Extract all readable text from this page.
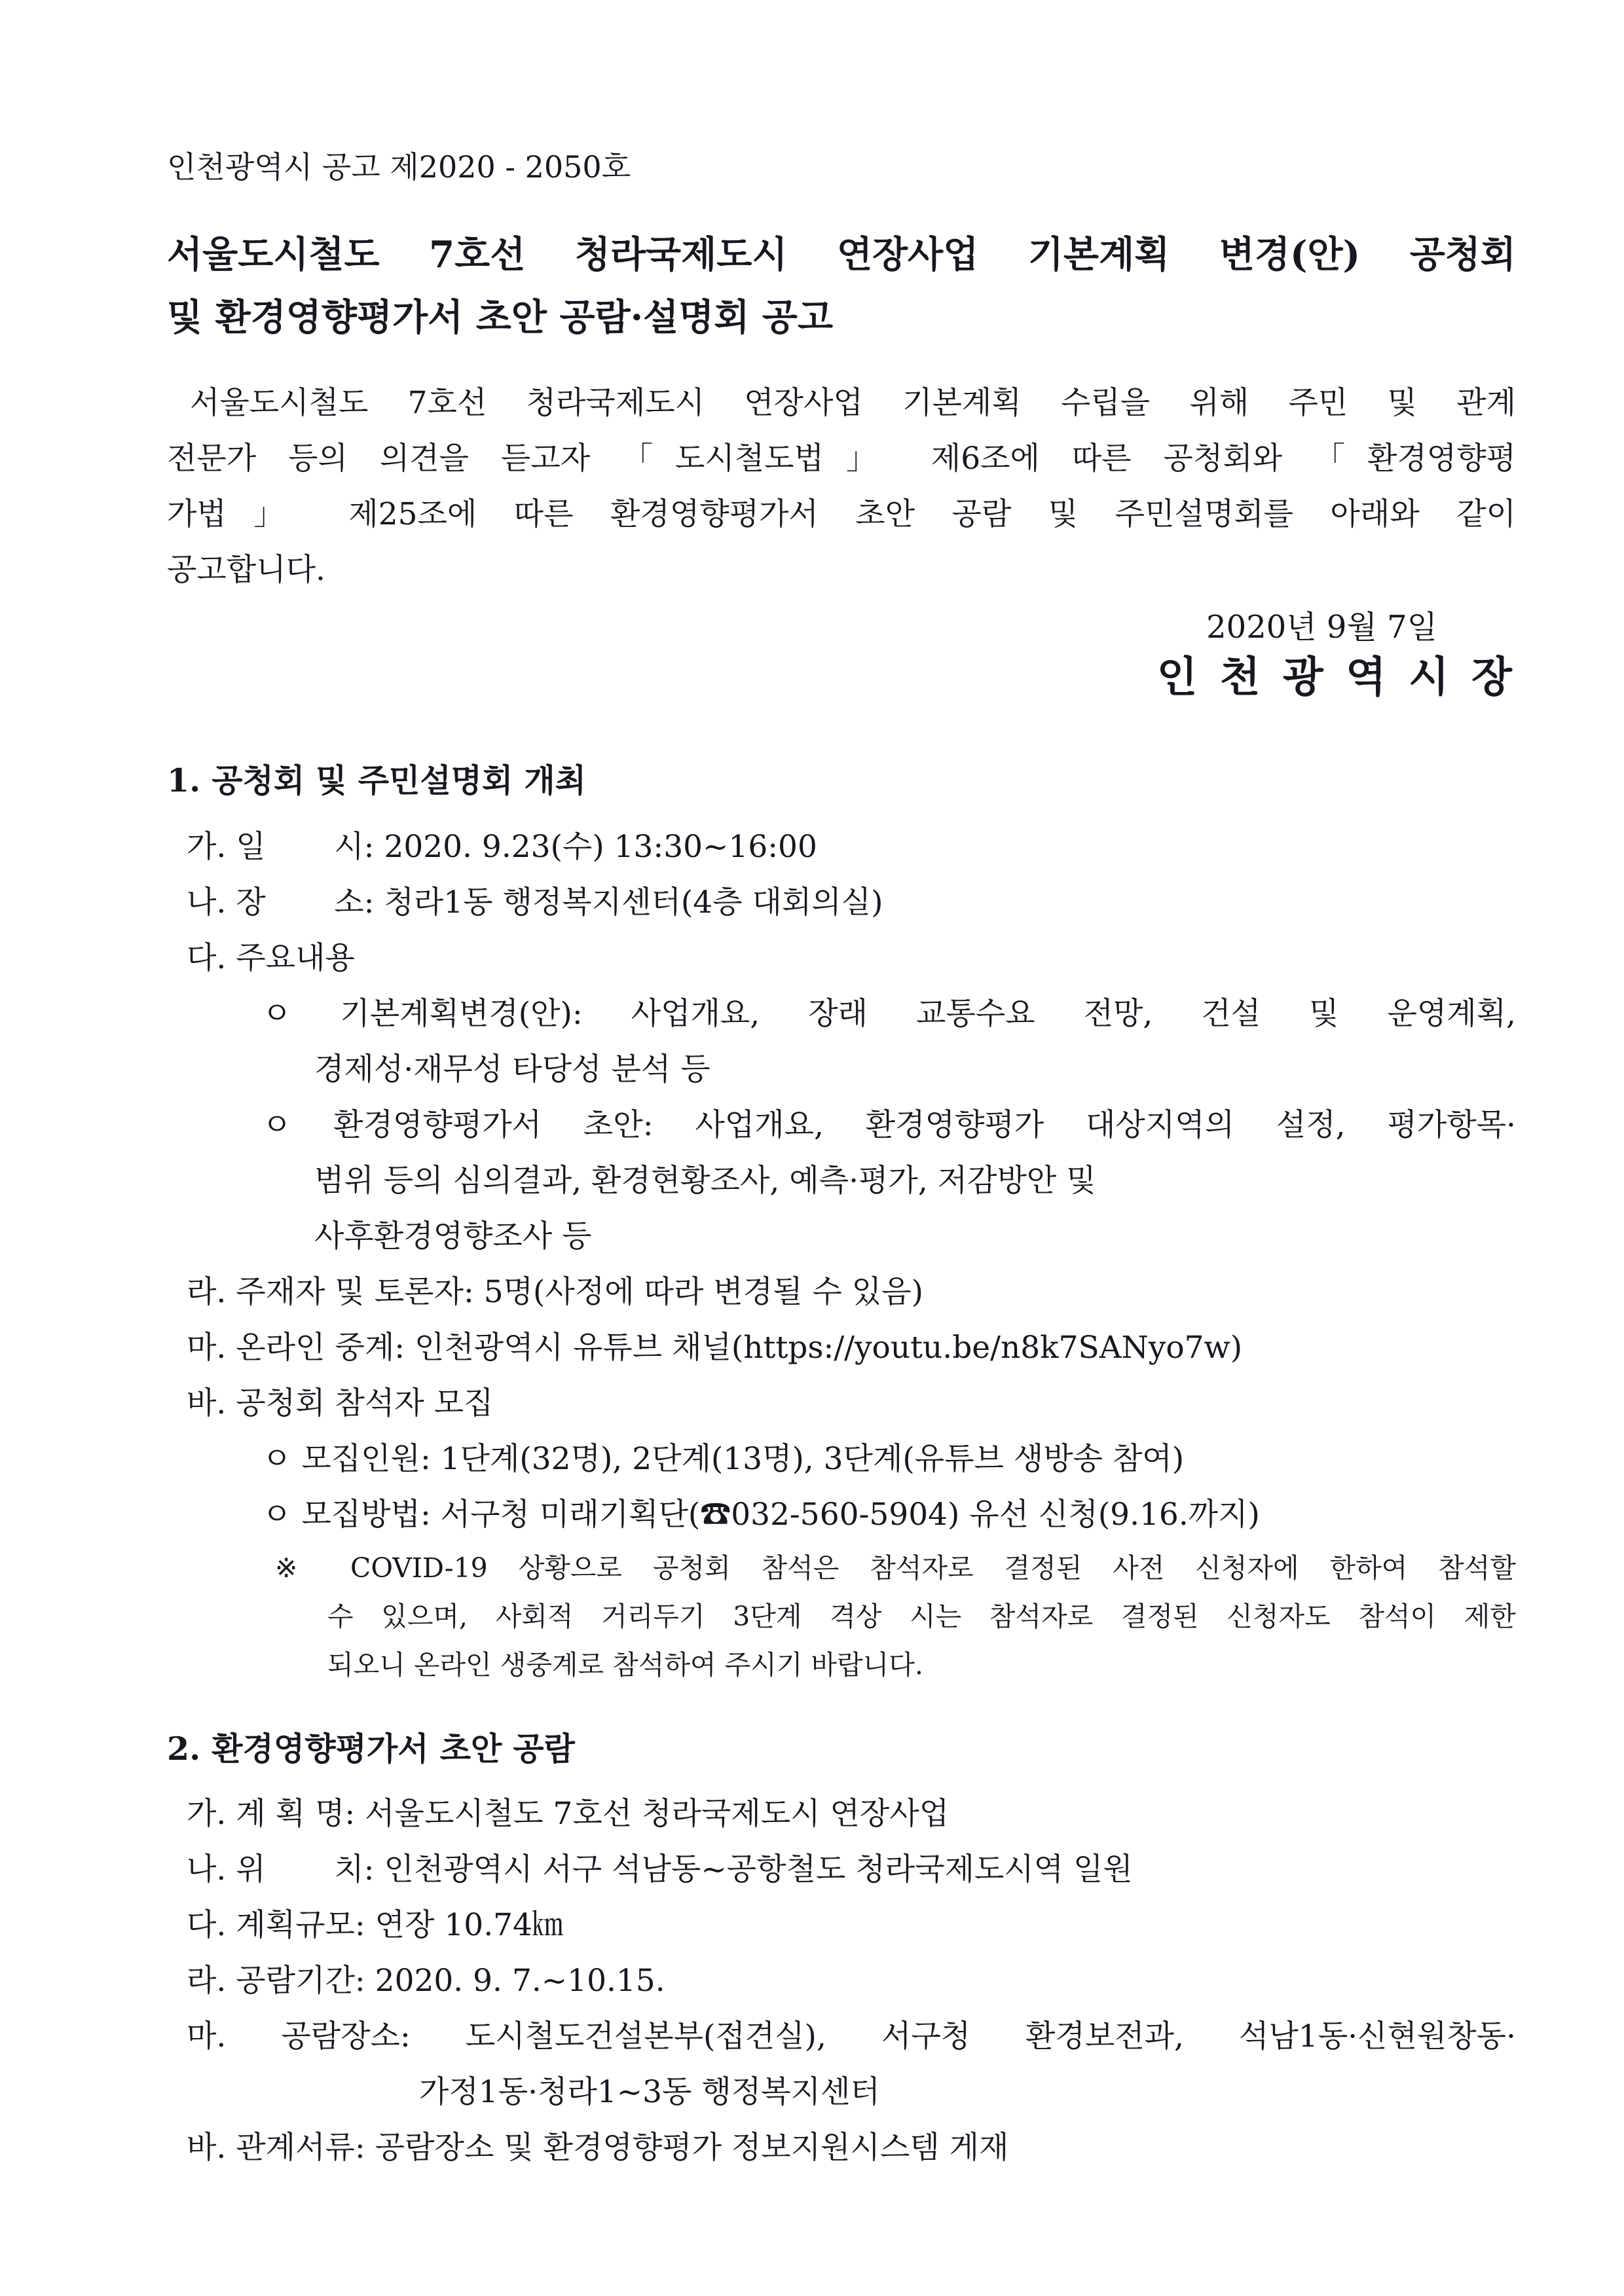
인천광역시 공고 제2020 - 2050호
서울도시철도 7호선 청라국제도시 연장사업 기본계획 변경(안) 공청회
및 환경영향평가서 초안 공람·설명회 공고
서울도시철도 7호선 청라국제도시 연장사업 기본계획 수립을 위해 주민 및 관계
전문가 등의 의견을 듣고자 「도시철도법」 제6조에 따른 공청회와 「환경영향평
가법」 제25조에 따른 환경영향평가서 초안 공람 및 주민설명회를 아래와 같이
공고합니다.
2020년 9월 7일
인 천 광 역 시 장
1. 공청회 및 주민설명회 개최
가. 일       시: 2020. 9.23(수) 13:30~16:00
나. 장       소: 청라1동 행정복지센터(4층 대회의실)
다. 주요내용
ㅇ 기본계획변경(안): 사업개요, 장래 교통수요 전망, 건설 및 운영계획,
경제성·재무성 타당성 분석 등
ㅇ 환경영향평가서 초안: 사업개요, 환경영향평가 대상지역의 설정, 평가항목·
범위 등의 심의결과, 환경현황조사, 예측·평가, 저감방안 및
사후환경영향조사 등
라. 주재자 및 토론자: 5명(사정에 따라 변경될 수 있음)
마. 온라인 중계: 인천광역시 유튜브 채널(https://youtu.be/n8k7SANyo7w)
바. 공청회 참석자 모집
ㅇ 모집인원: 1단계(32명), 2단계(13명), 3단계(유튜브 생방송 참여)
ㅇ 모집방법: 서구청 미래기획단(☎032-560-5904) 유선 신청(9.16.까지)
※ COVID-19 상황으로 공청회 참석은 참석자로 결정된 사전 신청자에 한하여 참석할
수 있으며, 사회적 거리두기 3단계 격상 시는 참석자로 결정된 신청자도 참석이 제한
되오니 온라인 생중계로 참석하여 주시기 바랍니다.
2. 환경영향평가서 초안 공람
가. 계 획 명: 서울도시철도 7호선 청라국제도시 연장사업
나. 위       치: 인천광역시 서구 석남동~공항철도 청라국제도시역 일원
다. 계획규모: 연장 10.74㎞
라. 공람기간: 2020. 9. 7.~10.15.
마. 공람장소: 도시철도건설본부(접견실), 서구청 환경보전과, 석남1동·신현원창동·
가정1동·청라1~3동 행정복지센터
바. 관계서류: 공람장소 및 환경영향평가 정보지원시스템 게재
